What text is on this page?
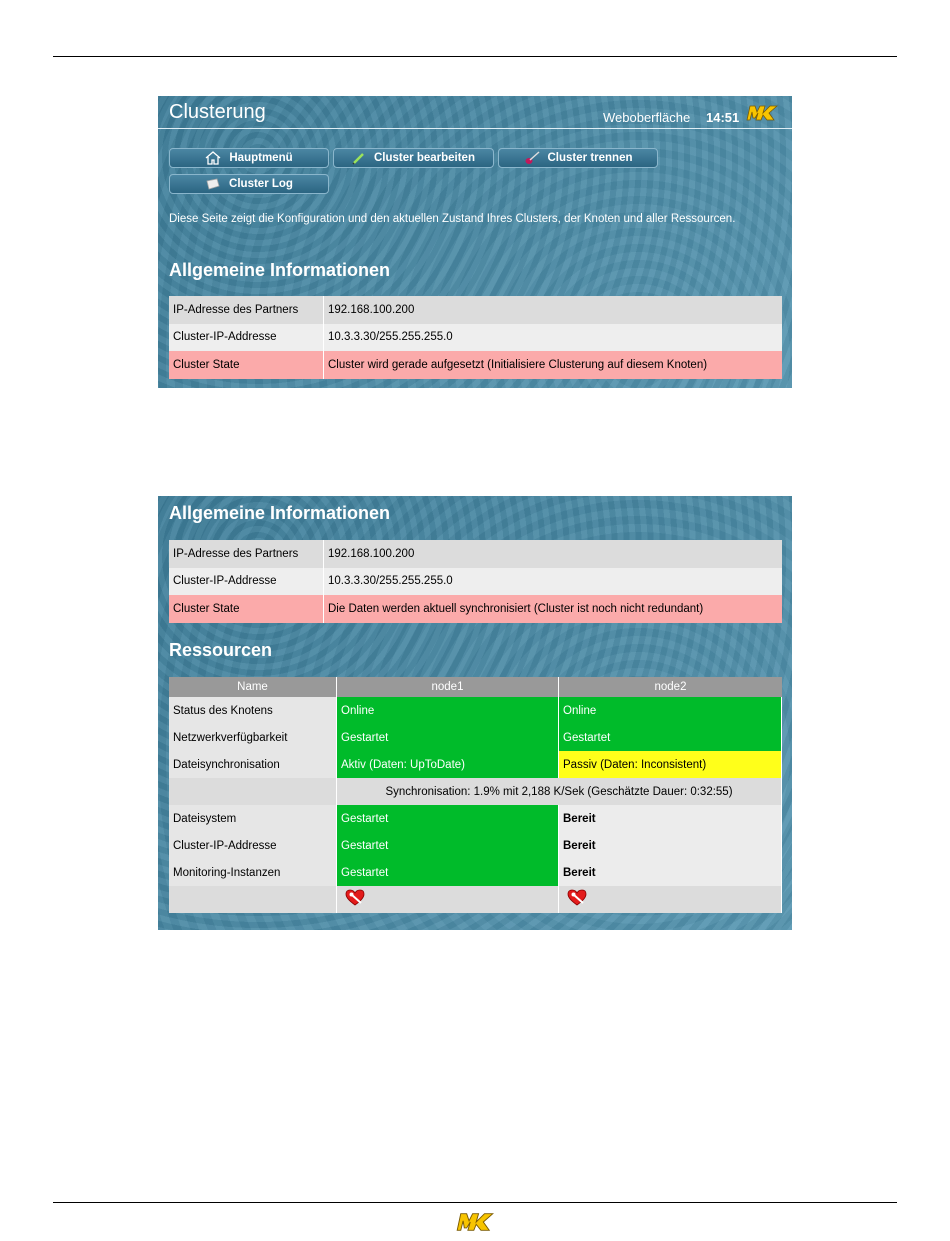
Clusterung	Weboberfläche 14:51
Hauptmenü	Cluster bearbeiten	Cluster trennen
Cluster Log
Diese Seite zeigt die Konfiguration und den aktuellen Zustand Ihres Clusters, der Knoten und aller Ressourcen.
Allgemeine Informationen
IP-Adresse des Partners	192.168.100.200
Cluster-IP-Addresse	10.3.3.30/255.255.255.0
Cluster State	Cluster wird gerade aufgesetzt (Initialisiere Clusterung auf diesem Knoten)
Allgemeine Informationen
IP-Adresse des Partners	192.168.100.200
Cluster-IP-Addresse	10.3.3.30/255.255.255.0
Cluster State	Die Daten werden aktuell synchronisiert (Cluster ist noch nicht redundant)
Ressourcen
Name	node1	node2
Status des Knotens	Online	Online
Netzwerkverfügbarkeit	Gestartet	Gestartet
Dateisynchronisation	Aktiv (Daten: UpToDate)	Passiv (Daten: Inconsistent)
	Synchronisation: 1.9% mit 2,188 K/Sek (Geschätzte Dauer: 0:32:55)	
Dateisystem	Gestartet	Bereit
Cluster-IP-Addresse	Gestartet	Bereit
Monitoring-Instanzen	Gestartet	Bereit
